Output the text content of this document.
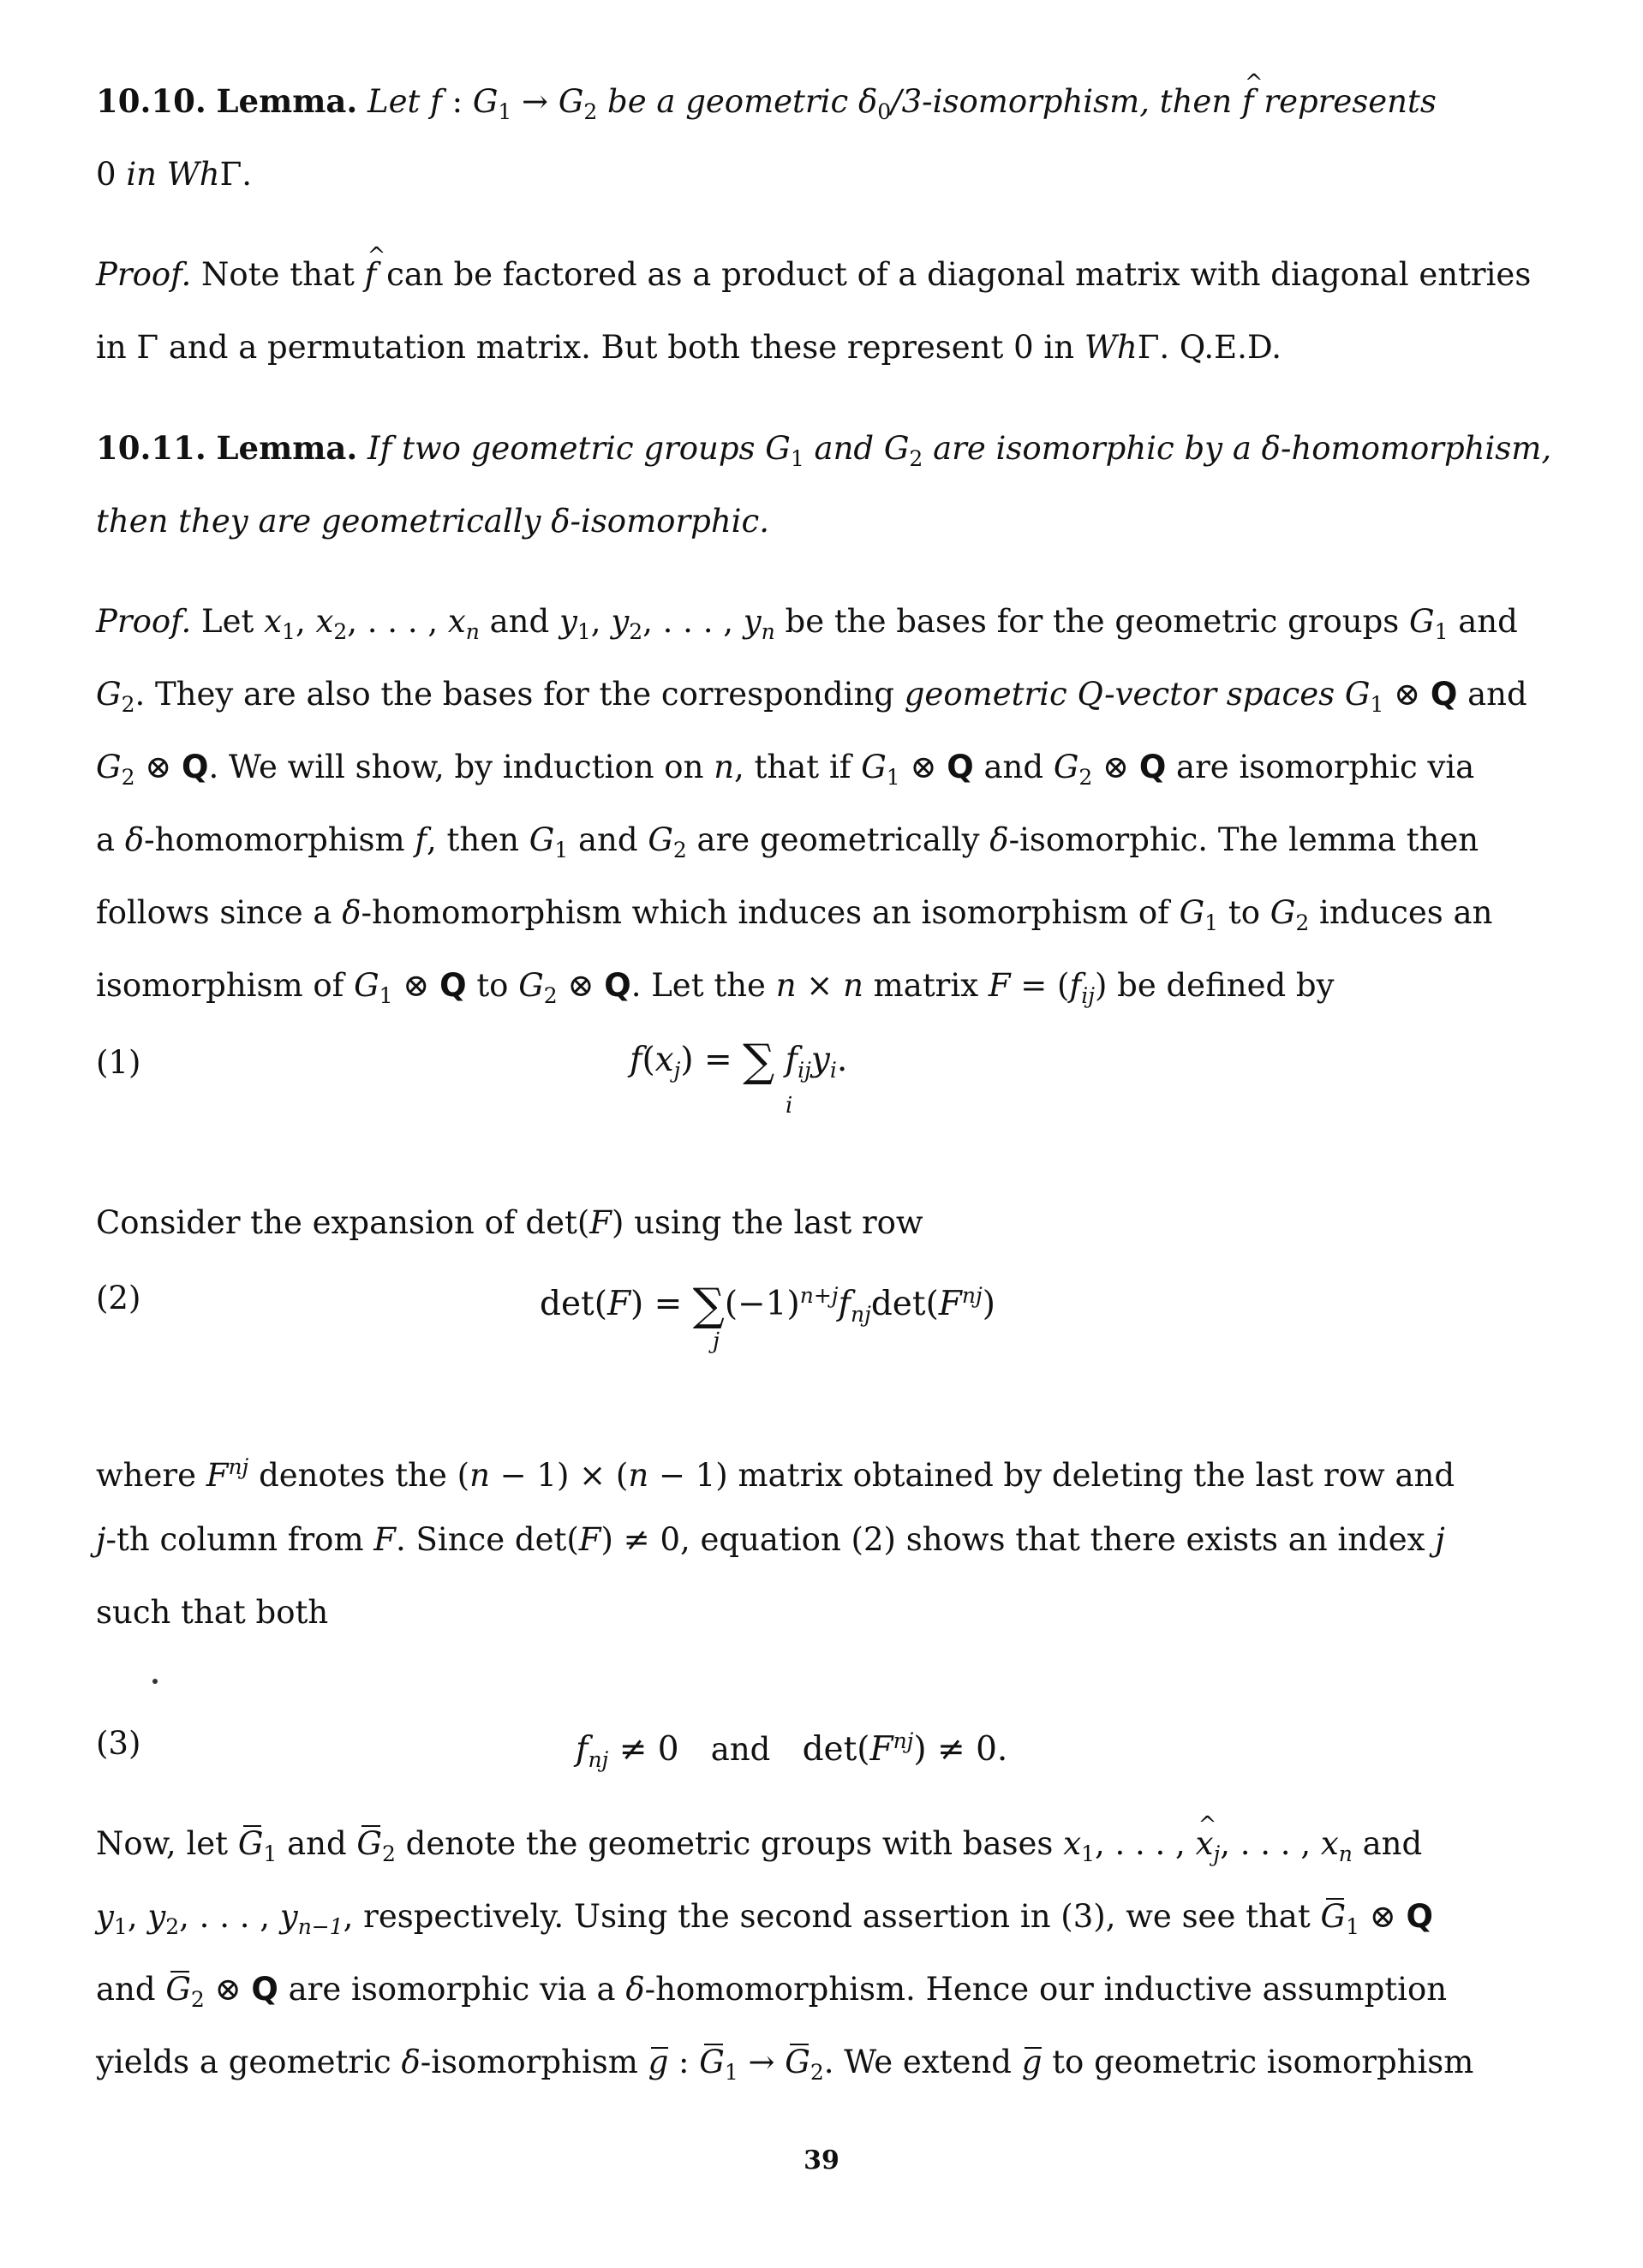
10.10. Lemma. Let f : $G_1 \to G_2$ be a geometric $\delta_0/3$-isomorphism, then f ^ represents
0 in WhΓ.
Proof. Note that f ^ can be factored as a product of a diagonal matrix with diagonal entries
in Γ and a permutation matrix. But both these represent 0 in WhΓ. Q.E.D.
10.11. Lemma. If two geometric groups $G_1$ and $G_2$ are isomorphic by a δ-homomorphism,
then they are geometrically δ-isomorphic.
Proof. Let $x_1$, $x_2$, . . . , $x_n$ and $y_1$, $y_2$, . . . , $y_n$ be the bases for the geometric groups $G_1$ and
$G_2$. They are also the bases for the corresponding geometric Q-vector spaces $G_1$ ⊗ Q and
$G_2$ ⊗ Q. We will show, by induction on n, that if $G_1$ ⊗ Q and $G_2$ ⊗ Q are isomorphic via
a δ-homomorphism f, then $G_1$ and $G_2$ are geometrically δ-isomorphic. The lemma then
follows since a δ-homomorphism which induces an isomorphism of $G_1$ to $G_2$ induces an
isomorphism of $G_1$ ⊗ Q to $G_2$ ⊗ Q. Let the n × n matrix $F = (f_{ij})$ be defined by
(1)	$f(x_j)$ = ∑ $f_{ij}y_i$.
i
Consider the expansion of det(F) using the last row
(2)	$\det(F) = \sum(-1)^{n+j}f_{nj}\det(F^{nj})$
j
where $F^{nj}$ denotes the (n − 1) × (n − 1) matrix obtained by deleting the last row and
j-th column from F. Since det(F) ≠ 0, equation (2) shows that there exists an index j
such that both
(3)	$f_{nj} \ne 0$   and $\det(F^{nj}) \ne 0$.
Now, let $G_1$ and $G_2$ denote the geometric groups with bases $x_1$, . . . , x $\^{}_j$, . . . , $x_n$ and
$y_1$, $y_2$, . . . , $y_{n-1}$, respectively. Using the second assertion in (3), we see that $G_1$ ⊗ Q
and $G_2$ ⊗ Q are isomorphic via a δ-homomorphism. Hence our inductive assumption
yields a geometric δ-isomorphism g : $G_1 \to G_2$. We extend g to geometric isomorphism
39
